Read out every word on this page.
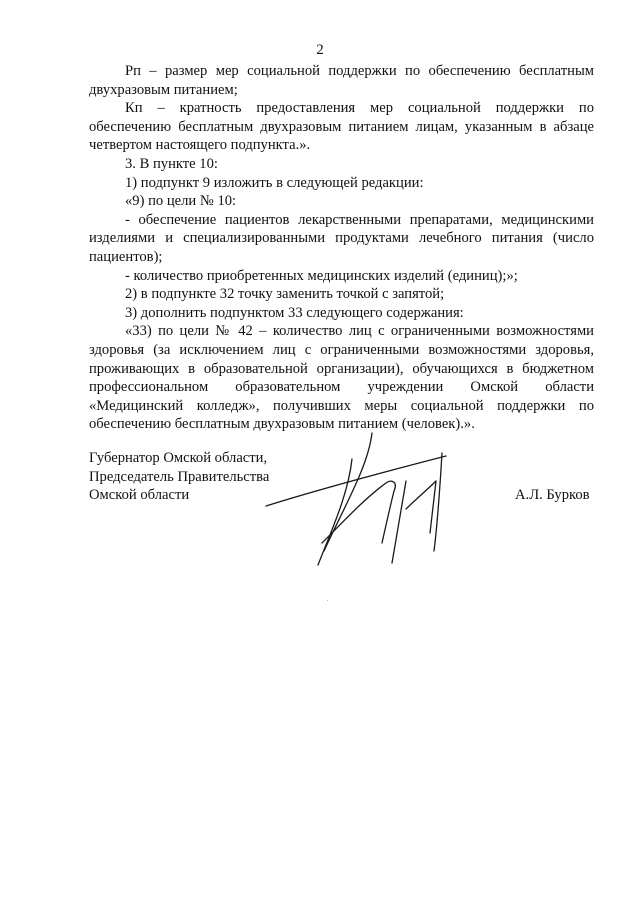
2

Рп – размер мер социальной поддержки по обеспечению бесплатным двухразовым питанием;

Кп – кратность предоставления мер социальной поддержки по обеспечению бесплатным двухразовым питанием лицам, указанным в абзаце четвертом настоящего подпункта.».

3. В пункте 10:

1) подпункт 9 изложить в следующей редакции:

«9) по цели № 10:

- обеспечение пациентов лекарственными препаратами, медицинскими изделиями и специализированными продуктами лечебного питания (число пациентов);

- количество приобретенных медицинских изделий (единиц);»;

2) в подпункте 32 точку заменить точкой с запятой;

3) дополнить подпунктом 33 следующего содержания:

«33) по цели № 42 – количество лиц с ограниченными возможностями здоровья (за исключением лиц с ограниченными возможностями здоровья, проживающих в образовательной организации), обучающихся в бюджетном профессиональном образовательном учреждении Омской области «Медицинский колледж», получивших меры социальной поддержки по обеспечению бесплатным двухразовым питанием (человек).».

Губернатор Омской области,
Председатель Правительства
Омской области	А.Л. Бурков
